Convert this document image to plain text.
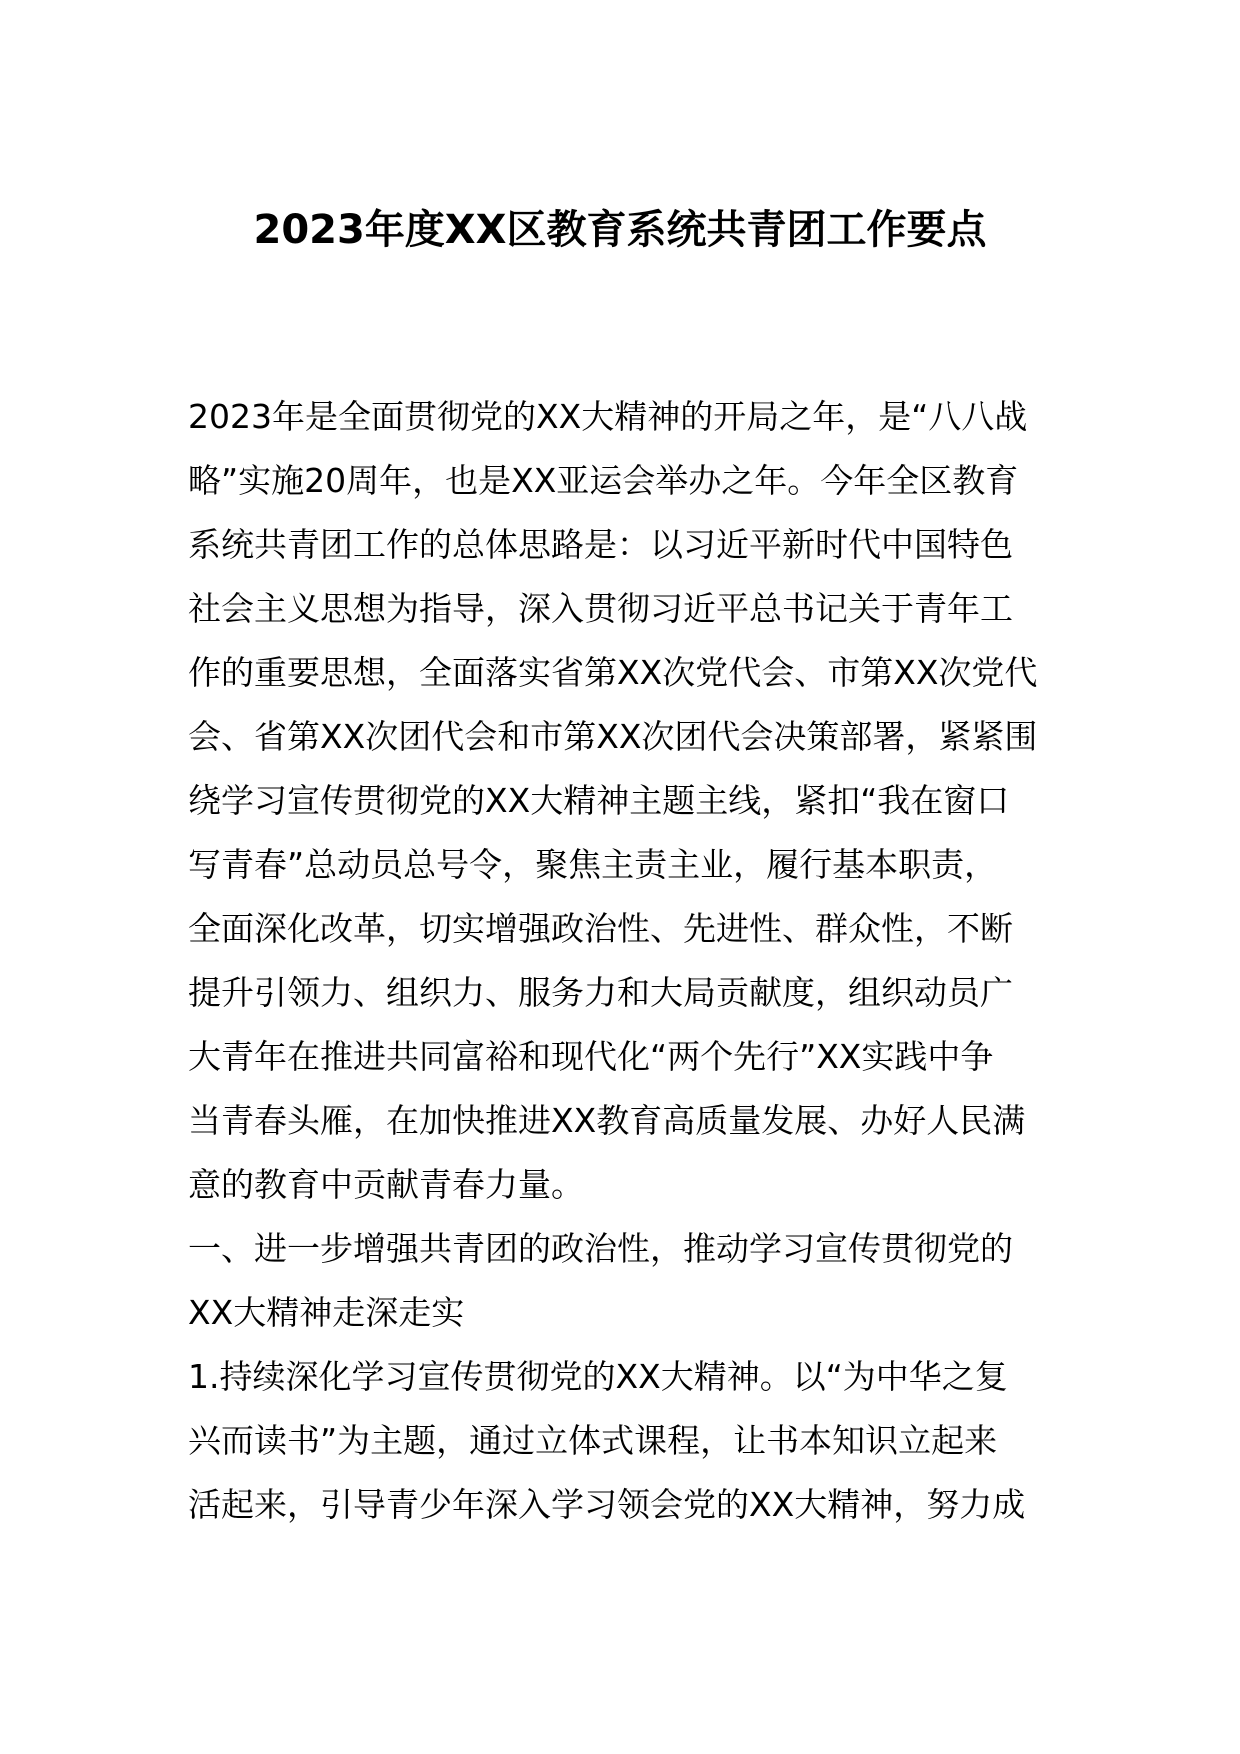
2023年度XX区教育系统共青团工作要点
2023年是全面贯彻党的XX大精神的开局之年，是“八八战
略”实施20周年，也是XX亚运会举办之年。今年全区教育
系统共青团工作的总体思路是：以习近平新时代中国特色
社会主义思想为指导，深入贯彻习近平总书记关于青年工
作的重要思想，全面落实省第XX次党代会、市第XX次党代
会、省第XX次团代会和市第XX次团代会决策部署，紧紧围
绕学习宣传贯彻党的XX大精神主题主线，紧扣“我在窗口
写青春”总动员总号令，聚焦主责主业，履行基本职责，
全面深化改革，切实增强政治性、先进性、群众性，不断
提升引领力、组织力、服务力和大局贡献度，组织动员广
大青年在推进共同富裕和现代化“两个先行”XX实践中争
当青春头雁，在加快推进XX教育高质量发展、办好人民满
意的教育中贡献青春力量。
一、进一步增强共青团的政治性，推动学习宣传贯彻党的
XX大精神走深走实
1.持续深化学习宣传贯彻党的XX大精神。以“为中华之复
兴而读书”为主题，通过立体式课程，让书本知识立起来
活起来，引导青少年深入学习领会党的XX大精神，努力成
